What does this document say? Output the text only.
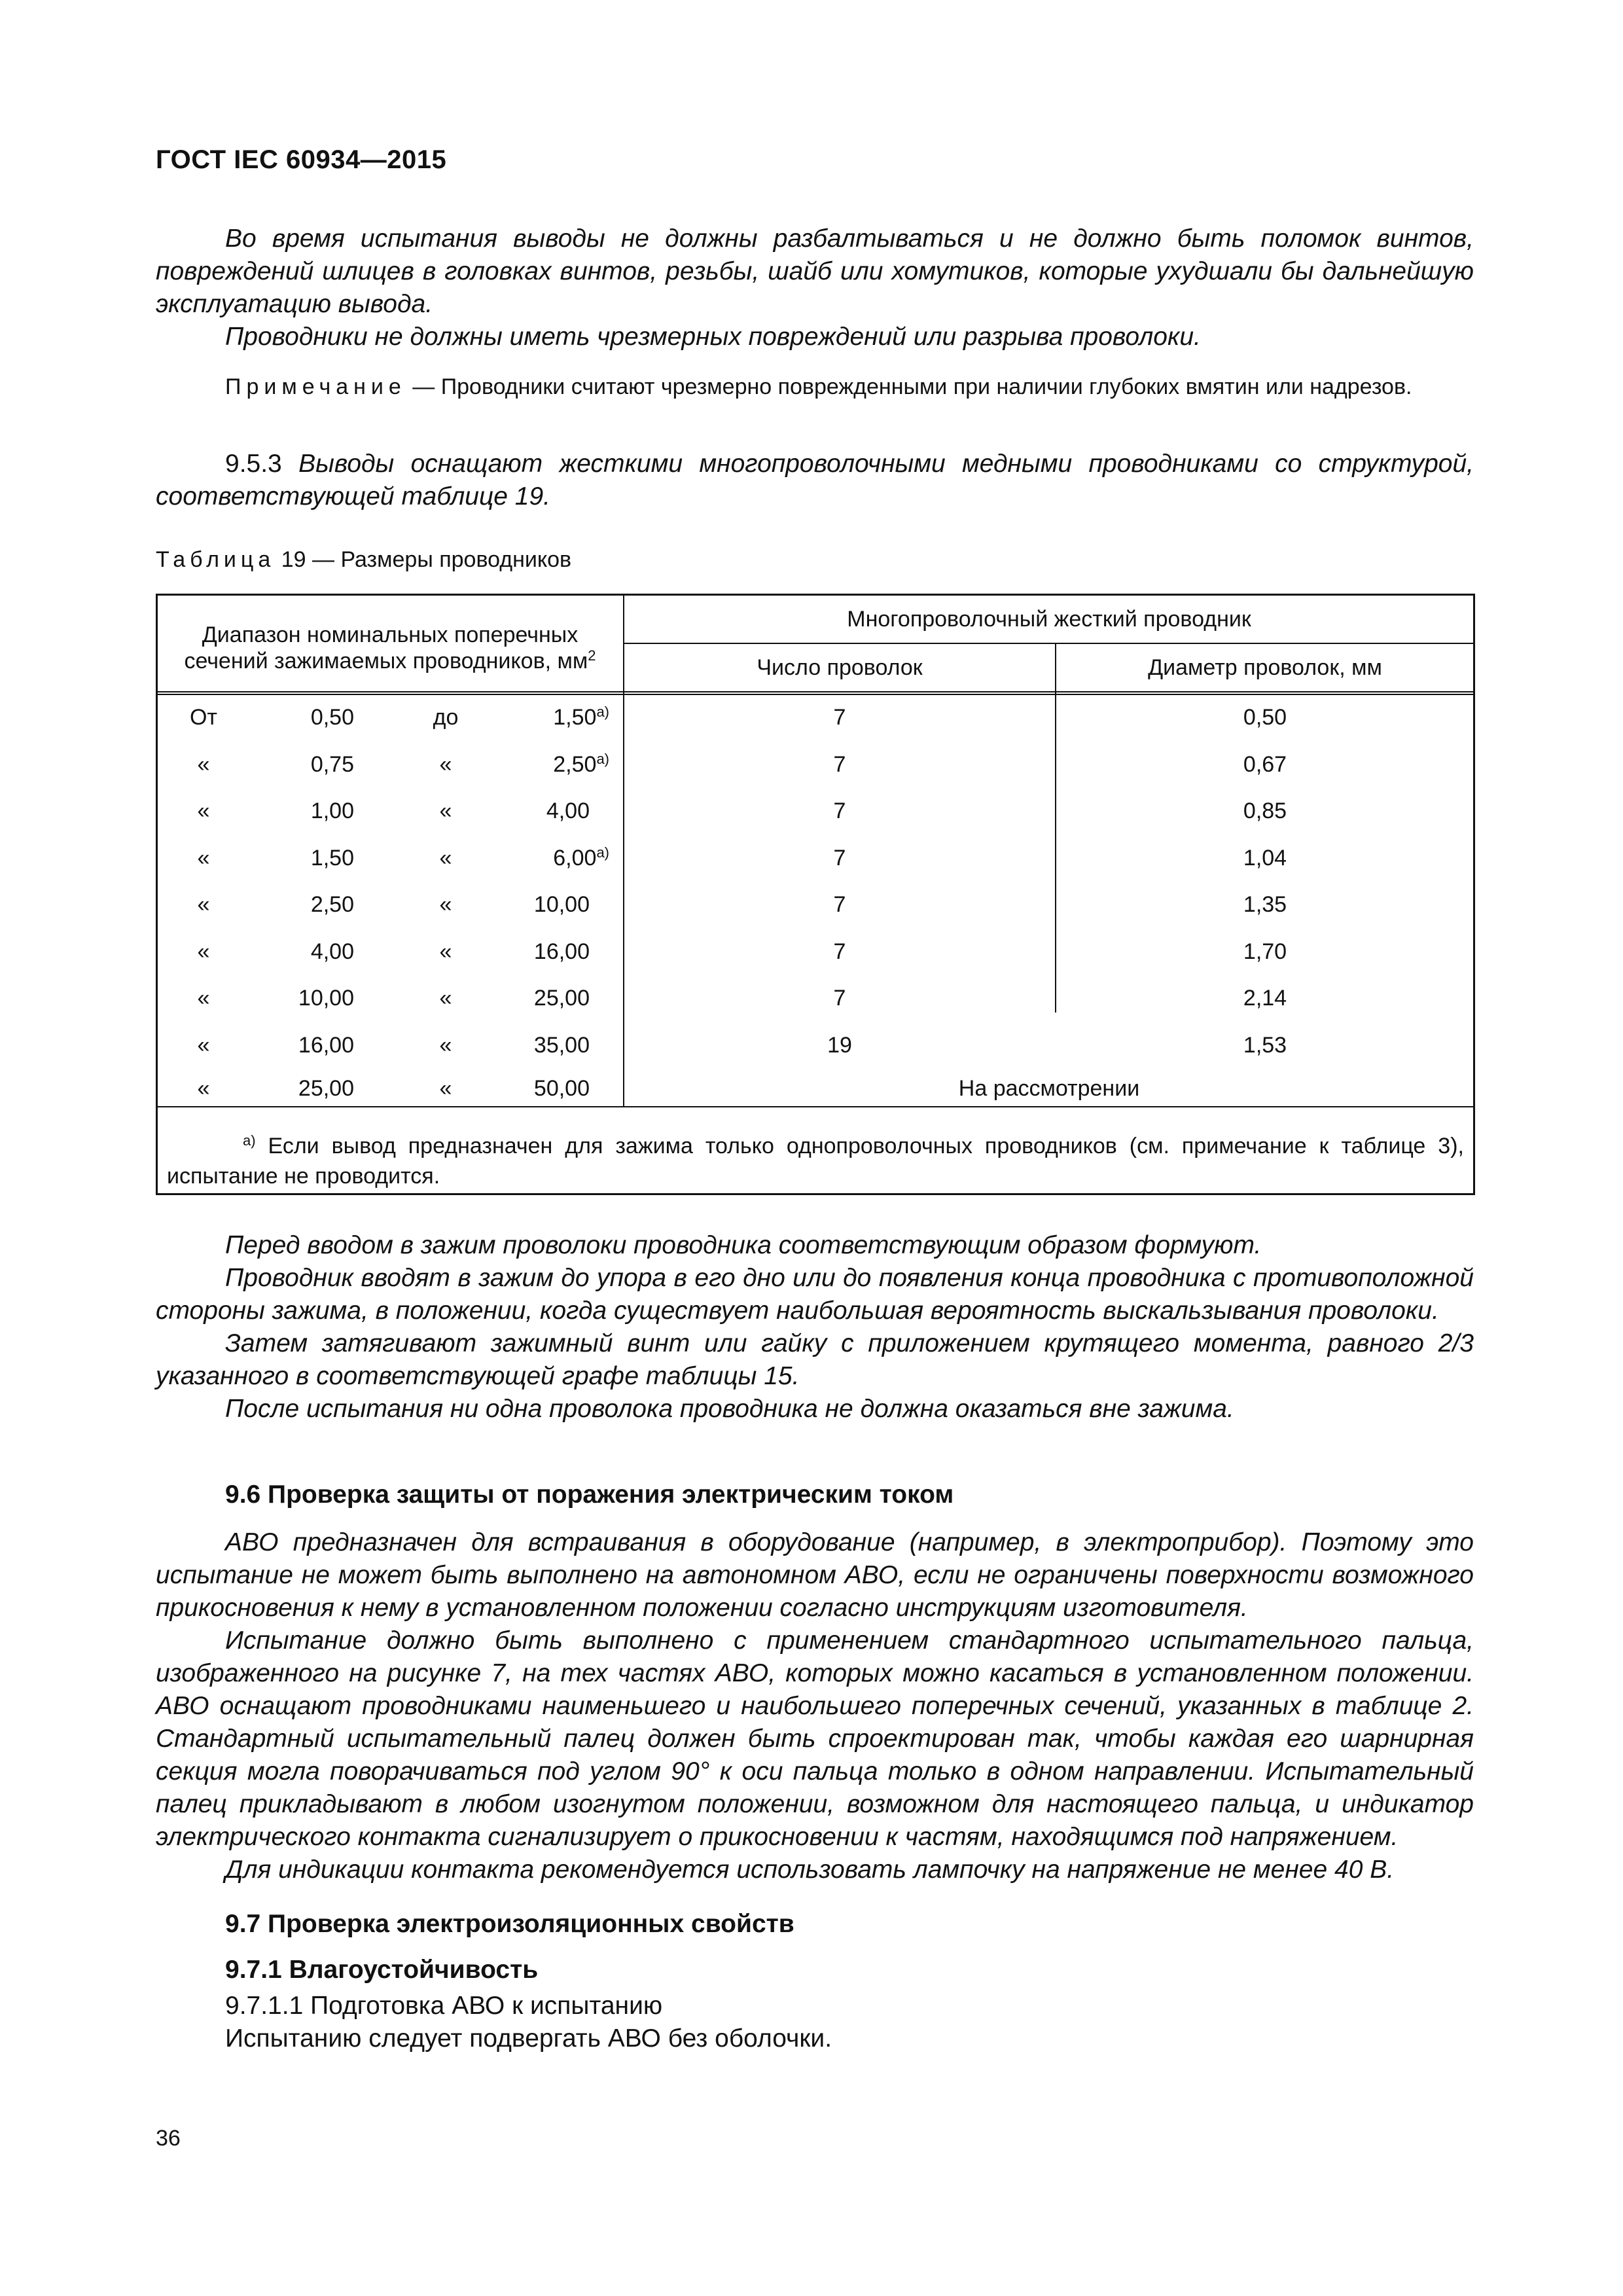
ГОСТ IEC 60934—2015

Во время испытания выводы не должны разбалтываться и не должно быть поломок винтов, повреждений шлицев в головках винтов, резьбы, шайб или хомутиков, которые ухудшали бы дальнейшую эксплуатацию вывода.

Проводники не должны иметь чрезмерных повреждений или разрыва проволоки.

Примечание — Проводники считают чрезмерно поврежденными при наличии глубоких вмятин или надрезов.

9.5.3 Выводы оснащают жесткими многопроволочными медными проводниками со структурой, соответствующей таблице 19.

Таблица 19 — Размеры проводников
Диапазон номинальных поперечных сечений зажимаемых проводников, $мм^2$
Многопроволочный жесткий проводник
Число проволок	Диаметр проволок, мм
От	0,50	до	$1,50^{а)}$	7	0,50
«	0,75	«	$2,50^{а)}$	7	0,67
«	1,00	«	4,00	7	0,85
«	1,50	«	$6,00^{а)}$	7	1,04
«	2,50	«	10,00	7	1,35
«	4,00	«	16,00	7	1,70
«	10,00	«	25,00	7	2,14
«	16,00	«	35,00	19	1,53
«	25,00	«	50,00	На рассмотрении
$^{а)}$ Если вывод предназначен для зажима только однопроволочных проводников (см. примечание к таблице 3), испытание не проводится.

Перед вводом в зажим проволоки проводника соответствующим образом формуют.

Проводник вводят в зажим до упора в его дно или до появления конца проводника с противоположной стороны зажима, в положении, когда существует наибольшая вероятность выскальзывания проволоки.

Затем затягивают зажимный винт или гайку с приложением крутящего момента, равного 2/3 указанного в соответствующей графе таблицы 15.

После испытания ни одна проволока проводника не должна оказаться вне зажима.

9.6 Проверка защиты от поражения электрическим током

АВО предназначен для встраивания в оборудование (например, в электроприбор). Поэтому это испытание не может быть выполнено на автономном АВО, если не ограничены поверхности возможного прикосновения к нему в установленном положении согласно инструкциям изготовителя.

Испытание должно быть выполнено с применением стандартного испытательного пальца, изображенного на рисунке 7, на тех частях АВО, которых можно касаться в установленном положении. АВО оснащают проводниками наименьшего и наибольшего поперечных сечений, указанных в таблице 2. Стандартный испытательный палец должен быть спроектирован так, чтобы каждая его шарнирная секция могла поворачиваться под углом 90° к оси пальца только в одном направлении. Испытательный палец прикладывают в любом изогнутом положении, возможном для настоящего пальца, и индикатор электрического контакта сигнализирует о прикосновении к частям, находящимся под напряжением.

Для индикации контакта рекомендуется использовать лампочку на напряжение не менее 40 В.

9.7 Проверка электроизоляционных свойств

9.7.1 Влагоустойчивость

9.7.1.1 Подготовка АВО к испытанию

Испытанию следует подвергать АВО без оболочки.

36
